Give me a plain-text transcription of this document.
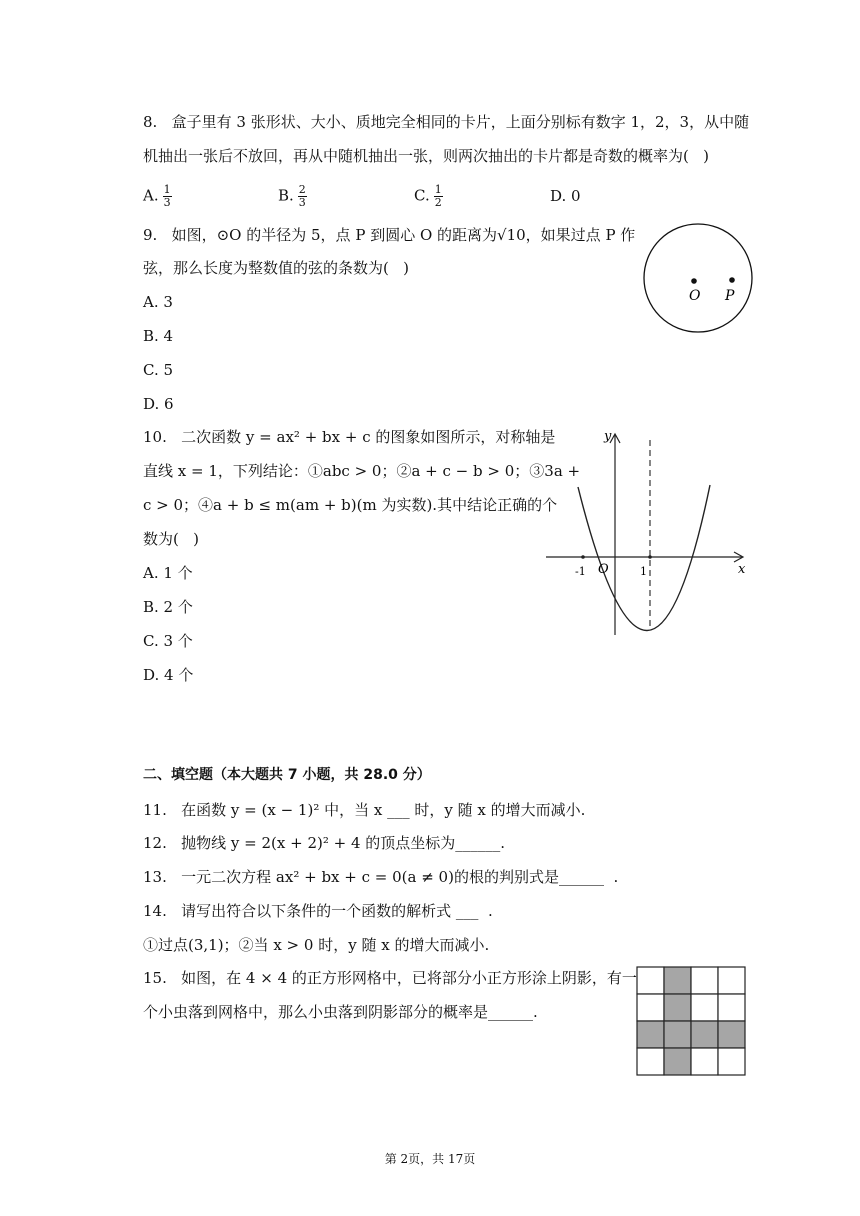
8.   盒子里有 3 张形状、大小、质地完全相同的卡片，上面分别标有数字 1，2，3，从中随
机抽出一张后不放回，再从中随机抽出一张，则两次抽出的卡片都是奇数的概率为(   )
A. $\frac{1}{3}$	B. $\frac{2}{3}$	C. $\frac{1}{2}$	D. 0
9.   如图，⊙O 的半径为 5，点 P 到圆心 O 的距离为√10，如果过点 P 作
弦，那么长度为整数值的弦的条数为(   )
A. 3
B. 4
C. 5
D. 6
O P
10.   二次函数 y = ax² + bx + c 的图象如图所示，对称轴是
直线 x = 1，下列结论：①abc > 0；②a + c − b > 0；③3a +
c > 0；④a + b ≤ m(am + b)(m 为实数).其中结论正确的个
数为(   )
A. 1 个
B. 2 个
C. 3 个
D. 4 个
y
x
O
-1	1
二、填空题（本大题共 7 小题，共 28.0 分）
11.   在函数 y = (x − 1)² 中，当 x ___ 时，y 随 x 的增大而减小.
12.   抛物线 y = 2(x + 2)² + 4 的顶点坐标为______.
13.   一元二次方程 ax² + bx + c = 0(a ≠ 0)的根的判别式是______  .
14.   请写出符合以下条件的一个函数的解析式 ___  .
①过点(3,1)；②当 x > 0 时，y 随 x 的增大而减小.
15.   如图，在 4 × 4 的正方形网格中，已将部分小正方形涂上阴影，有一
个小虫落到网格中，那么小虫落到阴影部分的概率是______.
第 2页，共 17页
